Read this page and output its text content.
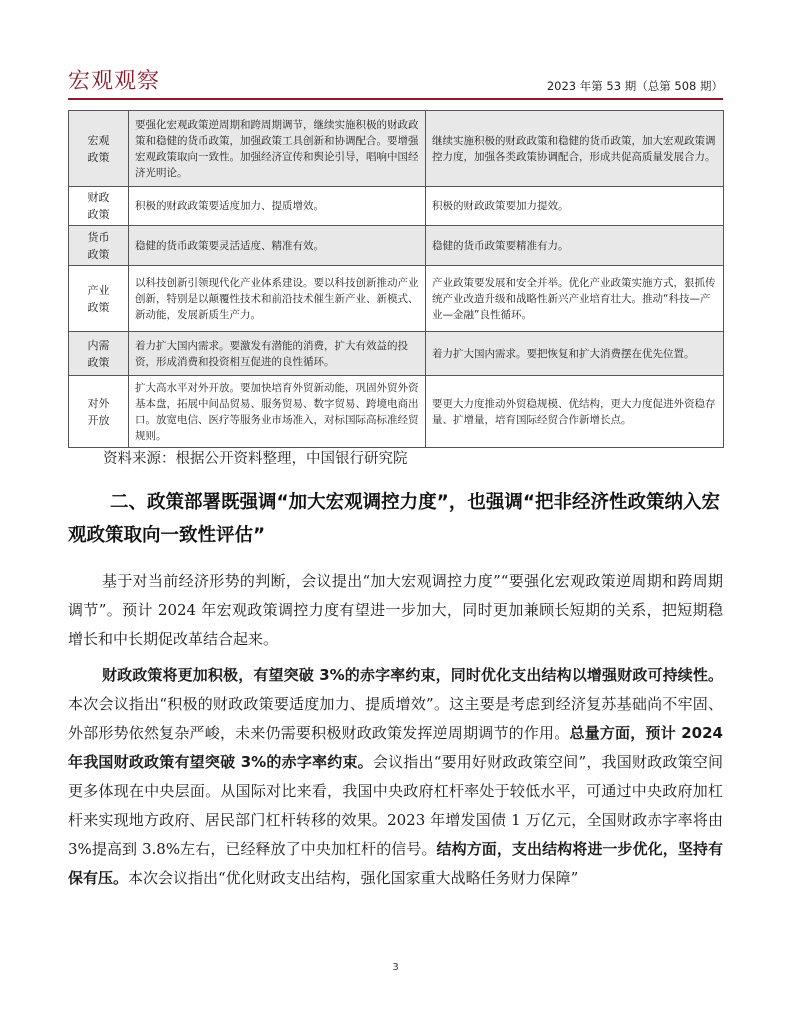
宏观观察	2023 年第 53 期（总第 508 期）
宏观
政策	要强化宏观政策逆周期和跨周期调节，继续实施积极的财政政策和稳健的货币政策，加强政策工具创新和协调配合。要增强宏观政策取向一致性。加强经济宣传和舆论引导，唱响中国经济光明论。	继续实施积极的财政政策和稳健的货币政策，加大宏观政策调控力度，加强各类政策协调配合，形成共促高质量发展合力。
财政
政策	积极的财政政策要适度加力、提质增效。	积极的财政政策要加力提效。
货币
政策	稳健的货币政策要灵活适度、精准有效。	稳健的货币政策要精准有力。
产业
政策	以科技创新引领现代化产业体系建设。要以科技创新推动产业创新，特别是以颠覆性技术和前沿技术催生新产业、新模式、新动能，发展新质生产力。	产业政策要发展和安全并举。优化产业政策实施方式，狠抓传统产业改造升级和战略性新兴产业培育壮大。推动“科技—产业—金融”良性循环。
内需
政策	着力扩大国内需求。要激发有潜能的消费，扩大有效益的投资，形成消费和投资相互促进的良性循环。	着力扩大国内需求。要把恢复和扩大消费摆在优先位置。
对外
开放	扩大高水平对外开放。要加快培育外贸新动能，巩固外贸外资基本盘，拓展中间品贸易、服务贸易、数字贸易、跨境电商出口。放宽电信、医疗等服务业市场准入，对标国际高标准经贸规则。	要更大力度推动外贸稳规模、优结构，更大力度促进外资稳存量、扩增量，培育国际经贸合作新增长点。
资料来源：根据公开资料整理，中国银行研究院
二、政策部署既强调“加大宏观调控力度”，也强调“把非经济性政策纳入宏观政策取向一致性评估”
基于对当前经济形势的判断，会议提出“加大宏观调控力度”“要强化宏观政策逆周期和跨周期调节”。预计 2024 年宏观政策调控力度有望进一步加大，同时更加兼顾长短期的关系，把短期稳增长和中长期促改革结合起来。
财政政策将更加积极，有望突破 3%的赤字率约束，同时优化支出结构以增强财政可持续性。本次会议指出“积极的财政政策要适度加力、提质增效”。这主要是考虑到经济复苏基础尚不牢固、外部形势依然复杂严峻，未来仍需要积极财政政策发挥逆周期调节的作用。总量方面，预计 2024 年我国财政政策有望突破 3%的赤字率约束。会议指出“要用好财政政策空间”，我国财政政策空间更多体现在中央层面。从国际对比来看，我国中央政府杠杆率处于较低水平，可通过中央政府加杠杆来实现地方政府、居民部门杠杆转移的效果。2023 年增发国债 1 万亿元，全国财政赤字率将由 3%提高到 3.8%左右，已经释放了中央加杠杆的信号。结构方面，支出结构将进一步优化，坚持有保有压。本次会议指出“优化财政支出结构，强化国家重大战略任务财力保障”
3
